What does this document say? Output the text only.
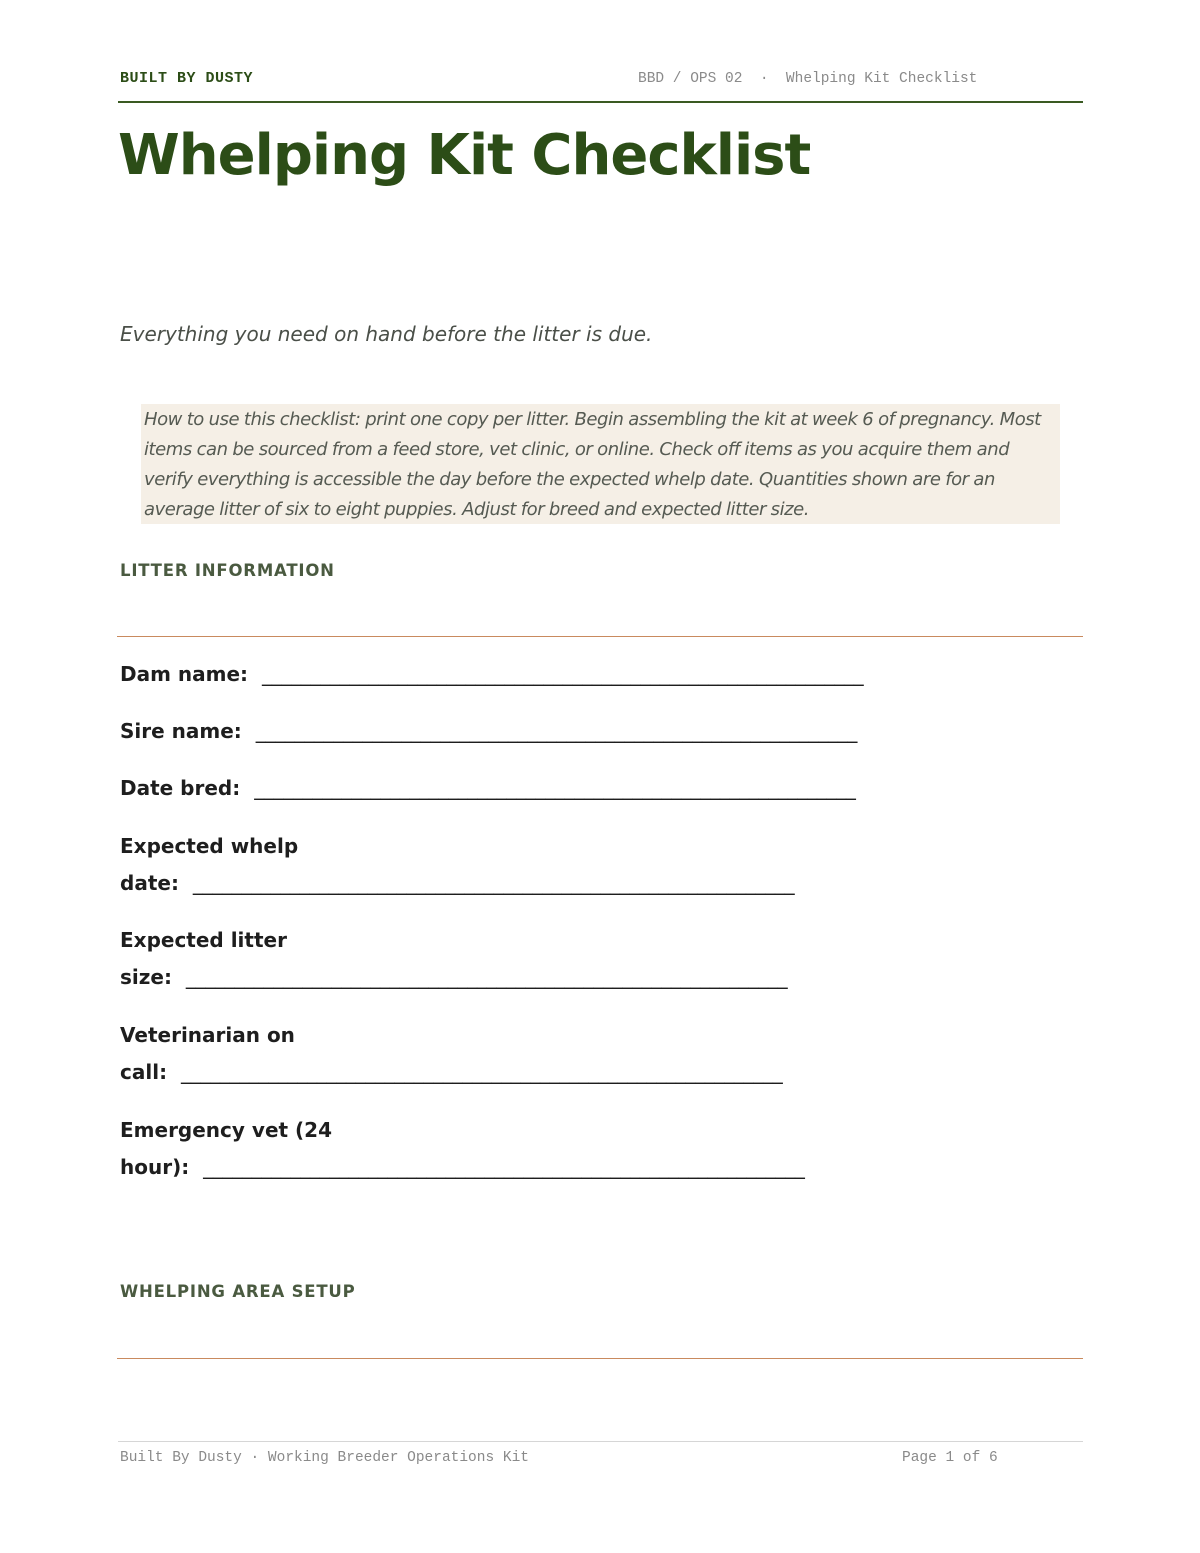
BUILT BY DUSTY	BBD / OPS 02  ·  Whelping Kit Checklist
Whelping Kit Checklist
Everything you need on hand before the litter is due.
How to use this checklist: print one copy per litter. Begin assembling the kit at week 6 of pregnancy. Most items can be sourced from a feed store, vet clinic, or online. Check off items as you acquire them and verify everything is accessible the day before the expected whelp date. Quantities shown are for an average litter of six to eight puppies. Adjust for breed and expected litter size.
LITTER INFORMATION
Dam name: ______________________________________________________________
Sire name: ______________________________________________________________
Date bred: ______________________________________________________________
Expected whelp
date: ______________________________________________________________
Expected litter
size: ______________________________________________________________
Veterinarian on
call: ______________________________________________________________
Emergency vet (24
hour): ______________________________________________________________
WHELPING AREA SETUP
Built By Dusty · Working Breeder Operations Kit	Page 1 of 6
